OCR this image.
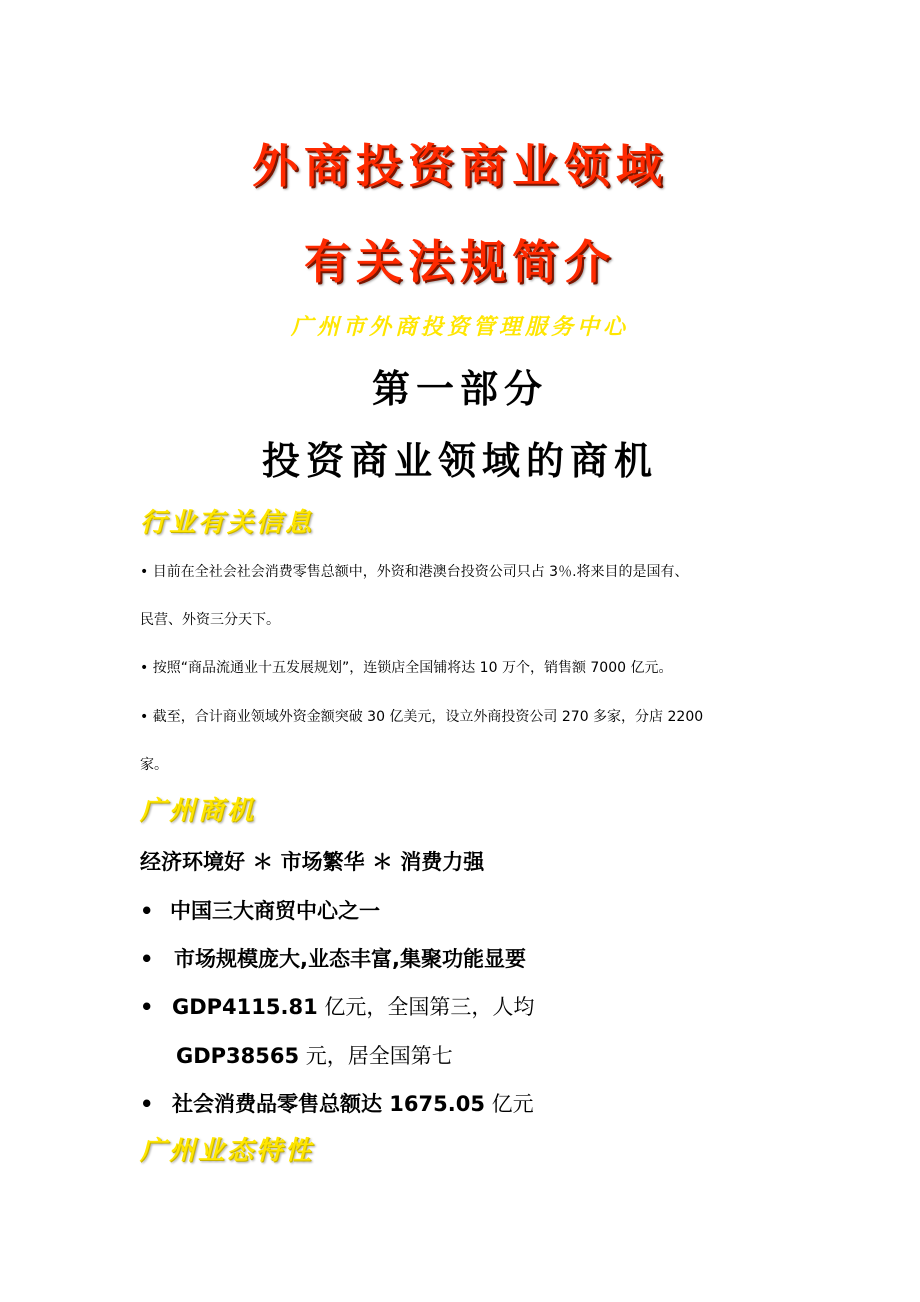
外商投资商业领域
有关法规简介
广州市外商投资管理服务中心
第一部分
投资商业领域的商机
行业有关信息
• 目前在全社会社会消费零售总额中，外资和港澳台投资公司只占 3％.将来目的是国有、
民营、外资三分天下。
• 按照“商品流通业十五发展规划”，连锁店全国铺将达 10 万个，销售额 7000 亿元。
• 截至，合计商业领域外资金额突破 30 亿美元，设立外商投资公司 270 多家，分店 2200
家。
广州商机
经济环境好 ＊ 市场繁华 ＊ 消费力强
• 中国三大商贸中心之一
• 市场规模庞大,业态丰富,集聚功能显要
• GDP4115.81 亿元，全国第三，人均
GDP38565 元，居全国第七
• 社会消费品零售总额达 1675.05 亿元
广州业态特性
